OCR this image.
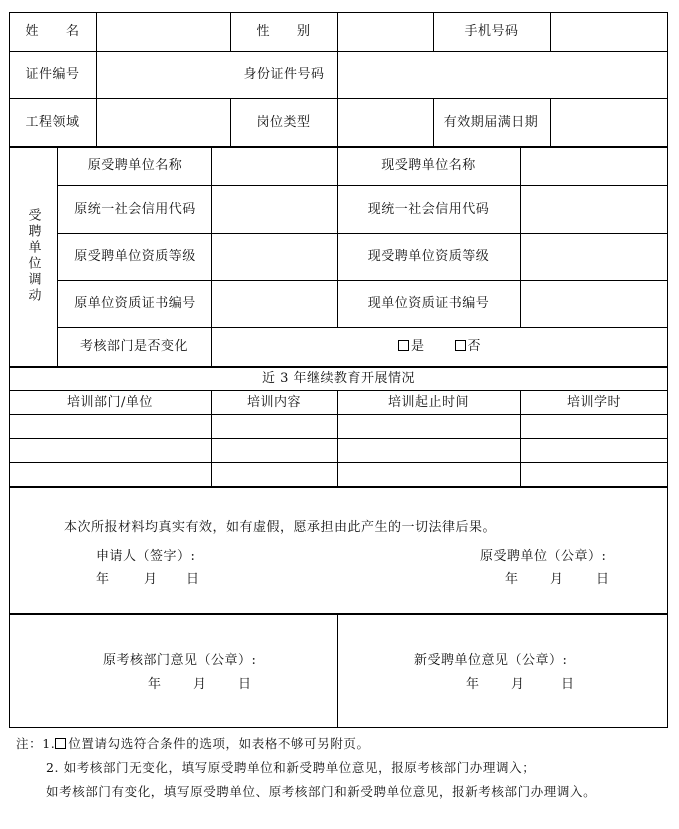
姓　　名	性　　别	手机号码
证件编号	身份证件号码
工程领域	岗位类型	有效期届满日期
受聘单位调动
原受聘单位名称	现受聘单位名称
原统一社会信用代码	现统一社会信用代码
原受聘单位资质等级	现受聘单位资质等级
原单位资质证书编号	现单位资质证书编号
考核部门是否变化	是	否
近 3 年继续教育开展情况
培训部门/单位	培训内容	培训起止时间	培训学时
本次所报材料均真实有效，如有虚假，愿承担由此产生的一切法律后果。
申请人（签字）:	原受聘单位（公章）:
年	月 日	年 月 日
原考核部门意见（公章）:	新受聘单位意见（公章）:
年 月 日	年 月	日
注：1. 位置请勾选符合条件的选项，如表格不够可另附页。
2. 如考核部门无变化，填写原受聘单位和新受聘单位意见，报原考核部门办理调入；
如考核部门有变化，填写原受聘单位、原考核部门和新受聘单位意见，报新考核部门办理调入。
